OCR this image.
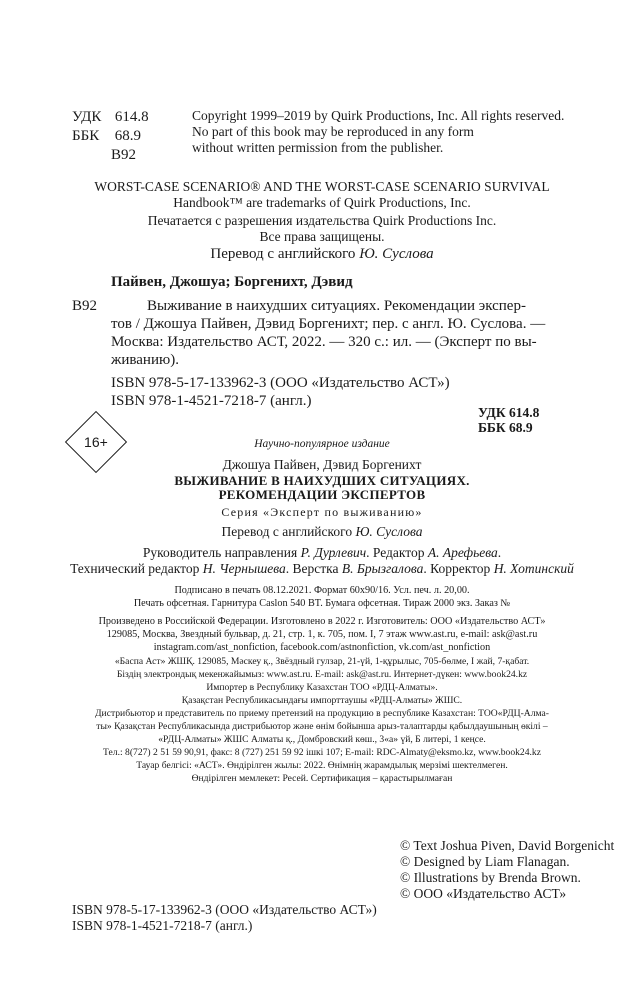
УДК 614.8
ББК 68.9
В92
Copyright 1999–2019 by Quirk Productions, Inc. All rights reserved.
No part of this book may be reproduced in any form
without written permission from the publisher.
WORST-CASE SCENARIO® AND THE WORST-CASE SCENARIO SURVIVAL
Handbook™ are trademarks of Quirk Productions, Inc.
Печатается с разрешения издательства Quirk Productions Inc.
Все права защищены.
Перевод с английского Ю. Суслова
Пайвен, Джошуа; Боргенихт, Дэвид
В92	Выживание в наихудших ситуациях. Рекомендации экспер-
тов / Джошуа Пайвен, Дэвид Боргенихт; пер. с англ. Ю. Суслова. —
Москва: Издательство АСТ, 2022. — 320 с.: ил. — (Эксперт по вы-
живанию).
ISBN 978-5-17-133962-3 (ООО «Издательство АСТ»)
ISBN 978-1-4521-7218-7 (англ.)
УДК 614.8
ББК 68.9
16+	Научно-популярное издание
Джошуа Пайвен, Дэвид Боргенихт
ВЫЖИВАНИЕ В НАИХУДШИХ СИТУАЦИЯХ.
РЕКОМЕНДАЦИИ ЭКСПЕРТОВ
Серия «Эксперт по выживанию»
Перевод с английского Ю. Суслова
Руководитель направления Р. Дурлевич. Редактор А. Арефьева.
Технический редактор Н. Чернышева. Верстка В. Брызгалова. Корректор Н. Хотинский
Подписано в печать 08.12.2021. Формат 60х90/16. Усл. печ. л. 20,00.
Печать офсетная. Гарнитура Caslon 540 BT. Бумага офсетная. Тираж 2000 экз. Заказ №
Произведено в Российской Федерации. Изготовлено в 2022 г. Изготовитель: ООО «Издательство АСТ»
129085, Москва, Звездный бульвар, д. 21, стр. 1, к. 705, пом. I, 7 этаж www.ast.ru, e-mail: ask@ast.ru
instagram.com/ast_nonfiction, facebook.com/astnonfiction, vk.com/ast_nonfiction
«Баспа Аст» ЖШҚ. 129085, Мәскеу қ., Звёздный гулзар, 21-үй, 1-құрылыс, 705-бөлме, I жай, 7-қабат.
Біздің электрондық мекенжайымыз: www.ast.ru. E-mail: ask@ast.ru. Интернет-дүкен: www.book24.kz
Импортер в Республику Казахстан ТОО «РДЦ-Алматы».
Қазақстан Республикасындағы импорттаушы «РДЦ-Алматы» ЖШС.
Дистрибьютор и представитель по приему претензий на продукцию в республике Казахстан: ТОО«РДЦ-Алма-
ты» Қазақстан Республикасында дистрибьютор және өнім бойынша арыз-талаптарды қабылдаушының өкілі –
«РДЦ-Алматы» ЖШС Алматы қ., Домбровский көш., 3«а» үй, Б литері, 1 кеңсе.
Тел.: 8(727) 2 51 59 90,91, факс: 8 (727) 251 59 92 ішкі 107; E-mail: RDC-Almaty@eksmo.kz, www.book24.kz
Тауар белгісі: «АСТ». Өндірілген жылы: 2022. Өнімнің жарамдылық мерзімі шектелмеген.
Өндірілген мемлекет: Ресей. Сертификация – қарастырылмаған
© Text Joshua Piven, David Borgenicht
© Designed by Liam Flanagan.
© Illustrations by Brenda Brown.
© ООО «Издательство АСТ»
ISBN 978-5-17-133962-3 (ООО «Издательство АСТ»)
ISBN 978-1-4521-7218-7 (англ.)
